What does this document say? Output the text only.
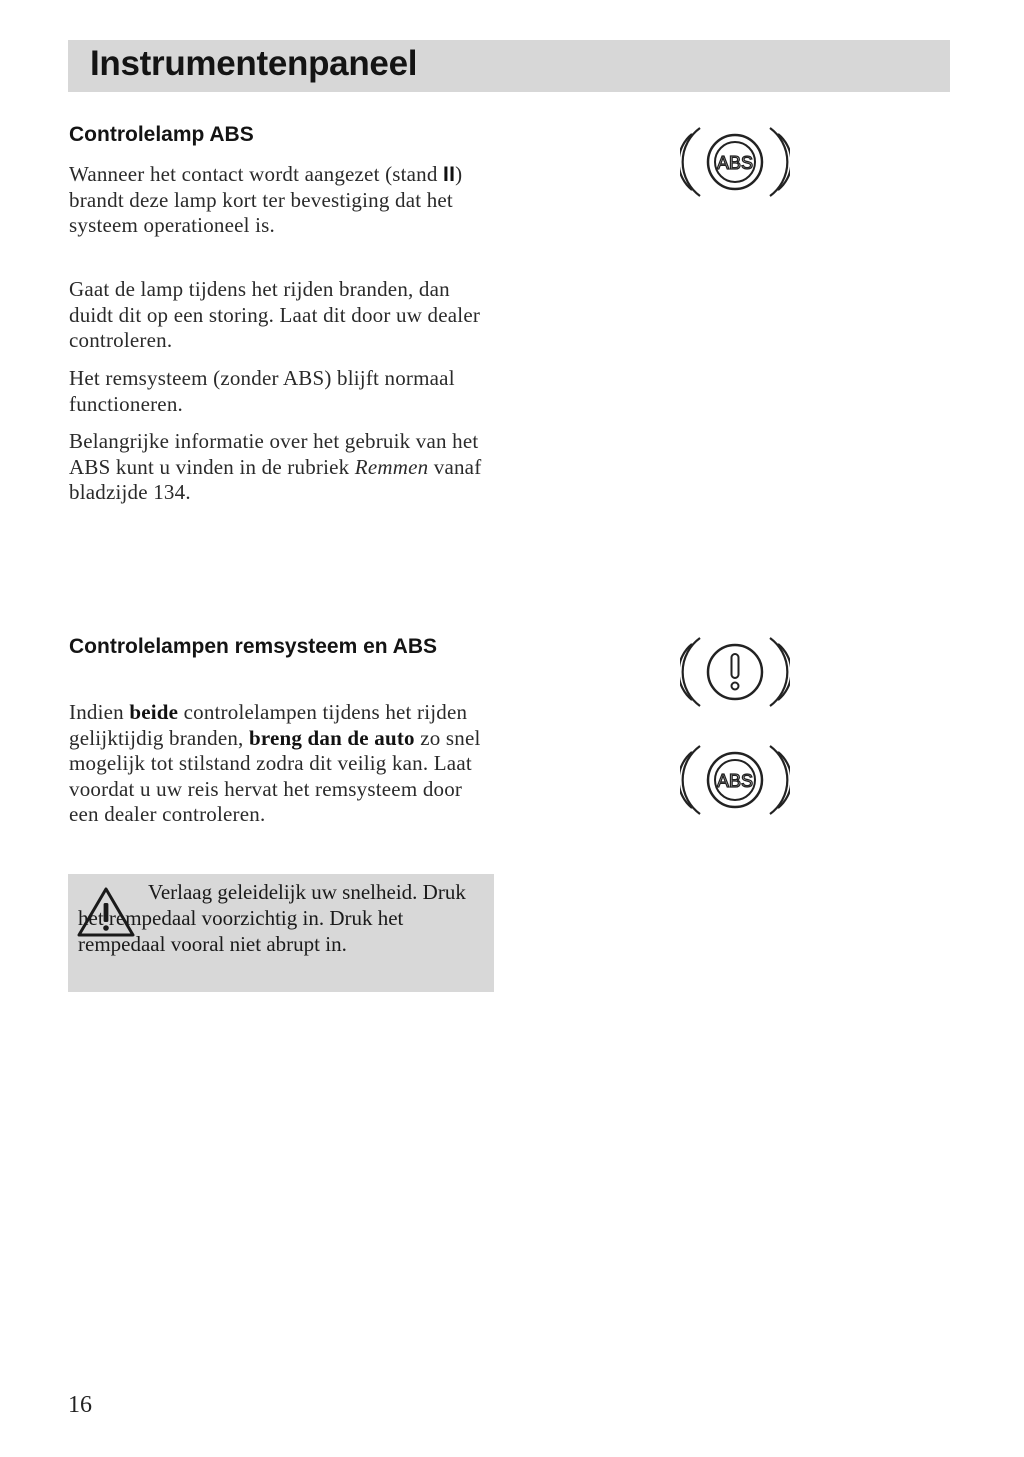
Instrumentenpaneel
Controlelamp ABS

Wanneer het contact wordt aangezet (stand II) brandt deze lamp kort ter bevestiging dat het systeem operationeel is.

Gaat de lamp tijdens het rijden branden, dan duidt dit op een storing. Laat dit door uw dealer controleren.

Het remsysteem (zonder ABS) blijft normaal functioneren.

Belangrijke informatie over het gebruik van het ABS kunt u vinden in de rubriek Remmen vanaf bladzijde 134.

Controlelampen remsysteem en ABS

Indien beide controlelampen tijdens het rijden gelijktijdig branden, breng dan de auto zo snel mogelijk tot stilstand zodra dit veilig kan. Laat voordat u uw reis hervat het remsysteem door een dealer controleren.

Verlaag geleidelijk uw snelheid. Druk het rempedaal voorzichtig in. Druk het rempedaal vooral niet abrupt in.

ABS
ABS
16
